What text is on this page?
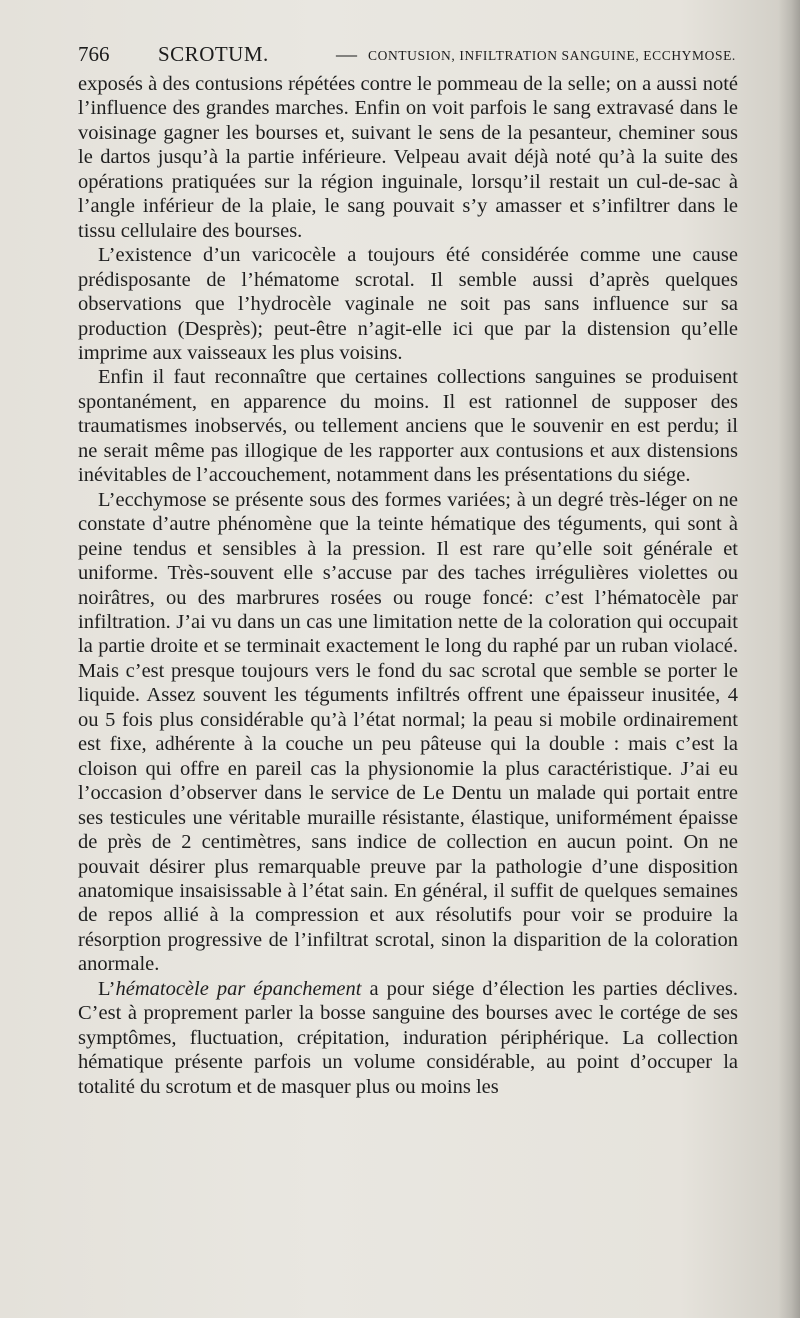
766 SCROTUM.	— CONTUSION, INFILTRATION SANGUINE, ECCHYMOSE.

exposés à des contusions répétées contre le pommeau de la selle; on a aussi noté l’influence des grandes marches. Enfin on voit parfois le sang extravasé dans le voisinage gagner les bourses et, suivant le sens de la pesanteur, cheminer sous le dartos jusqu’à la partie inférieure. Velpeau avait déjà noté qu’à la suite des opérations pratiquées sur la région inguinale, lorsqu’il restait un cul-de-sac à l’angle inférieur de la plaie, le sang pouvait s’y amasser et s’infiltrer dans le tissu cellulaire des bourses.

L’existence d’un varicocèle a toujours été considérée comme une cause prédisposante de l’hématome scrotal. Il semble aussi d’après quelques observations que l’hydrocèle vaginale ne soit pas sans influence sur sa production (Desprès); peut-être n’agit-elle ici que par la distension qu’elle imprime aux vaisseaux les plus voisins.

Enfin il faut reconnaître que certaines collections sanguines se produisent spontanément, en apparence du moins. Il est rationnel de supposer des traumatismes inobservés, ou tellement anciens que le souvenir en est perdu; il ne serait même pas illogique de les rapporter aux contusions et aux distensions inévitables de l’accouchement, notamment dans les présentations du siége.

L’ecchymose se présente sous des formes variées; à un degré très-léger on ne constate d’autre phénomène que la teinte hématique des téguments, qui sont à peine tendus et sensibles à la pression. Il est rare qu’elle soit générale et uniforme. Très-souvent elle s’accuse par des taches irrégulières violettes ou noirâtres, ou des marbrures rosées ou rouge foncé: c’est l’hématocèle par infiltration. J’ai vu dans un cas une limitation nette de la coloration qui occupait la partie droite et se terminait exactement le long du raphé par un ruban violacé. Mais c’est presque toujours vers le fond du sac scrotal que semble se porter le liquide. Assez souvent les téguments infiltrés offrent une épaisseur inusitée, 4 ou 5 fois plus considérable qu’à l’état normal; la peau si mobile ordinairement est fixe, adhérente à la couche un peu pâteuse qui la double : mais c’est la cloison qui offre en pareil cas la physionomie la plus caractéristique. J’ai eu l’occasion d’observer dans le service de Le Dentu un malade qui portait entre ses testicules une véritable muraille résistante, élastique, uniformément épaisse de près de 2 centimètres, sans indice de collection en aucun point. On ne pouvait désirer plus remarquable preuve par la pathologie d’une disposition anatomique insaisissable à l’état sain. En général, il suffit de quelques semaines de repos allié à la compression et aux résolutifs pour voir se produire la résorption progressive de l’infiltrat scrotal, sinon la disparition de la coloration anormale.

L’hématocèle par épanchement a pour siége d’élection les parties déclives. C’est à proprement parler la bosse sanguine des bourses avec le cortége de ses symptômes, fluctuation, crépitation, induration périphérique. La collection hématique présente parfois un volume considérable, au point d’occuper la totalité du scrotum et de masquer plus ou moins les
